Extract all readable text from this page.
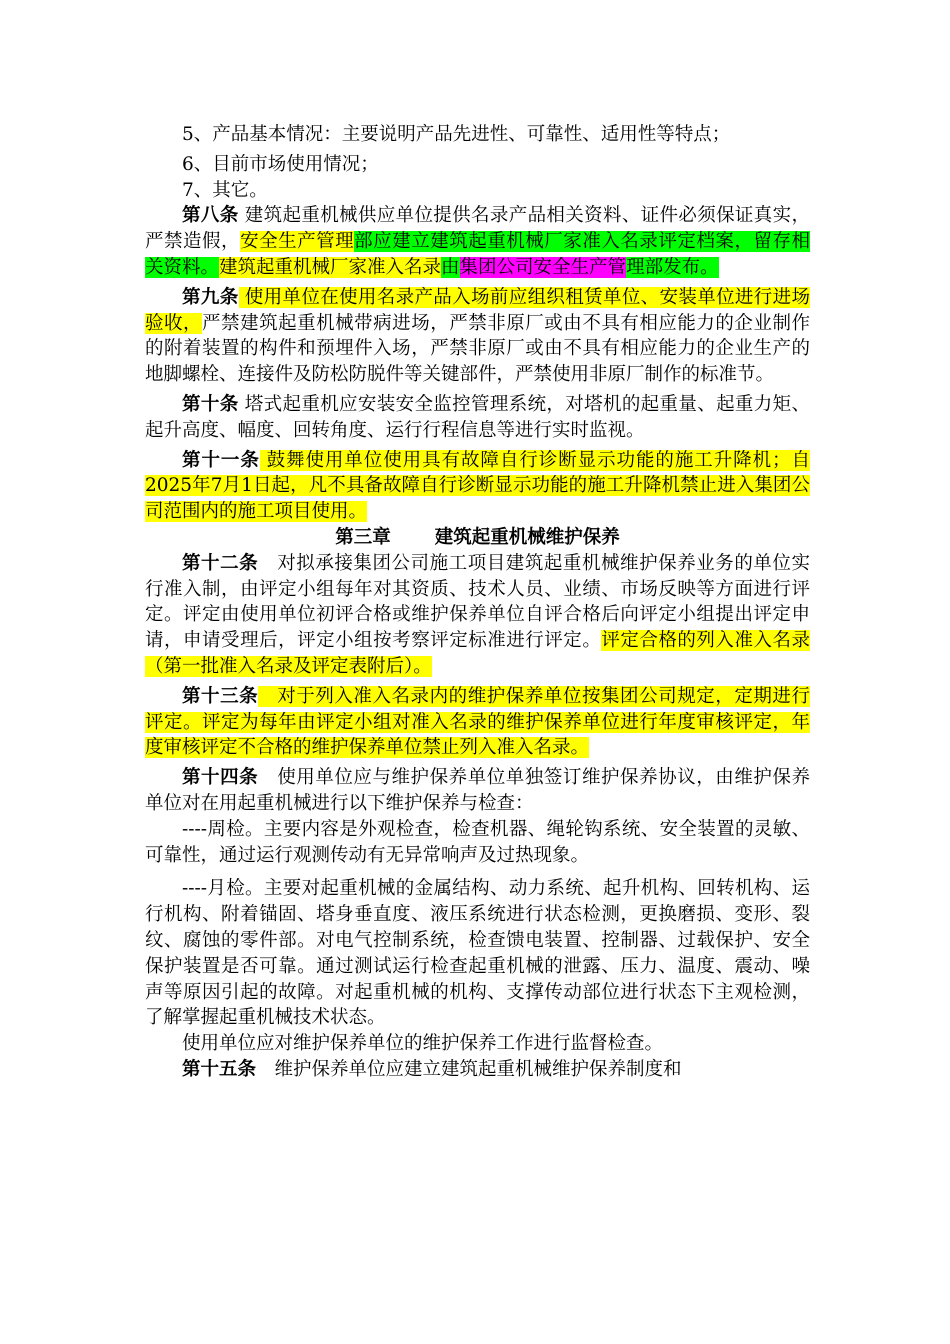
5、产品基本情况：主要说明产品先进性、可靠性、适用性等特点；

6、目前市场使用情况；

7、其它。

第八条 建筑起重机械供应单位提供名录产品相关资料、证件必须保证真实，严禁造假，安全生产管理部应建立建筑起重机械厂家准入名录评定档案，留存相关资料。建筑起重机械厂家准入名录由集团公司安全生产管理部发布。

第九条 使用单位在使用名录产品入场前应组织租赁单位、安装单位进行进场验收，严禁建筑起重机械带病进场，严禁非原厂或由不具有相应能力的企业制作的附着装置的构件和预埋件入场，严禁非原厂或由不具有相应能力的企业生产的地脚螺栓、连接件及防松防脱件等关键部件，严禁使用非原厂制作的标准节。

第十条 塔式起重机应安装安全监控管理系统，对塔机的起重量、起重力矩、起升高度、幅度、回转角度、运行行程信息等进行实时监视。

第十一条 鼓舞使用单位使用具有故障自行诊断显示功能的施工升降机；自2025年7月1日起，凡不具备故障自行诊断显示功能的施工升降机禁止进入集团公司范围内的施工项目使用。

第三章 建筑起重机械维护保养

第十二条　对拟承接集团公司施工项目建筑起重机械维护保养业务的单位实行准入制，由评定小组每年对其资质、技术人员、业绩、市场反映等方面进行评定。评定由使用单位初评合格或维护保养单位自评合格后向评定小组提出评定申请，申请受理后，评定小组按考察评定标准进行评定。评定合格的列入准入名录（第一批准入名录及评定表附后）。

第十三条　对于列入准入名录内的维护保养单位按集团公司规定，定期进行评定。评定为每年由评定小组对准入名录的维护保养单位进行年度审核评定，年度审核评定不合格的维护保养单位禁止列入准入名录。

第十四条　使用单位应与维护保养单位单独签订维护保养协议，由维护保养单位对在用起重机械进行以下维护保养与检查：

----周检。主要内容是外观检查，检查机器、绳轮钩系统、安全装置的灵敏、可靠性，通过运行观测传动有无异常响声及过热现象。

----月检。主要对起重机械的金属结构、动力系统、起升机构、回转机构、运行机构、附着锚固、塔身垂直度、液压系统进行状态检测，更换磨损、变形、裂纹、腐蚀的零件部。对电气控制系统，检查馈电装置、控制器、过载保护、安全保护装置是否可靠。通过测试运行检查起重机械的泄露、压力、温度、震动、噪声等原因引起的故障。对起重机械的机构、支撑传动部位进行状态下主观检测，了解掌握起重机械技术状态。

使用单位应对维护保养单位的维护保养工作进行监督检查。

第十五条　维护保养单位应建立建筑起重机械维护保养制度和
